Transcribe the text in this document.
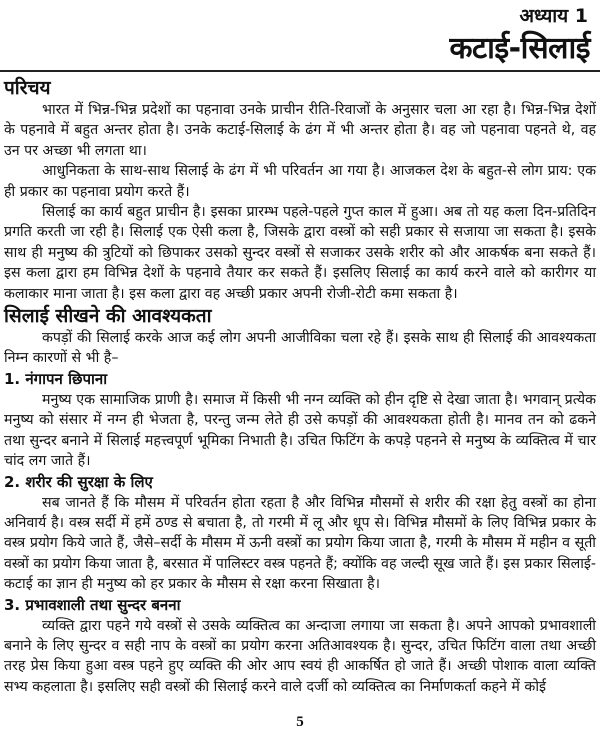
अध्याय 1
कटाई-सिलाई
परिचय

भारत में भिन्न-भिन्न प्रदेशों का पहनावा उनके प्राचीन रीति-रिवाजों के अनुसार चला आ रहा है। भिन्न-भिन्न देशों के पहनावे में बहुत अन्तर होता है। उनके कटाई-सिलाई के ढंग में भी अन्तर होता है। वह जो पहनावा पहनते थे, वह उन पर अच्छा भी लगता था।

आधुनिकता के साथ-साथ सिलाई के ढंग में भी परिवर्तन आ गया है। आजकल देश के बहुत-से लोग प्राय: एक ही प्रकार का पहनावा प्रयोग करते हैं।

सिलाई का कार्य बहुत प्राचीन है। इसका प्रारम्भ पहले-पहले गुप्त काल में हुआ। अब तो यह कला दिन-प्रतिदिन प्रगति करती जा रही है। सिलाई एक ऐसी कला है, जिसके द्वारा वस्त्रों को सही प्रकार से सजाया जा सकता है। इसके साथ ही मनुष्य की त्रुटियों को छिपाकर उसको सुन्दर वस्त्रों से सजाकर उसके शरीर को और आकर्षक बना सकते हैं। इस कला द्वारा हम विभिन्न देशों के पहनावे तैयार कर सकते हैं। इसलिए सिलाई का कार्य करने वाले को कारीगर या कलाकार माना जाता है। इस कला द्वारा वह अच्छी प्रकार अपनी रोजी-रोटी कमा सकता है।

सिलाई सीखने की आवश्यकता

कपड़ों की सिलाई करके आज कई लोग अपनी आजीविका चला रहे हैं। इसके साथ ही सिलाई की आवश्यकता निम्न कारणों से भी है–

1. नंगापन छिपाना

मनुष्य एक सामाजिक प्राणी है। समाज में किसी भी नग्न व्यक्ति को हीन दृष्टि से देखा जाता है। भगवान् प्रत्येक मनुष्य को संसार में नग्न ही भेजता है, परन्तु जन्म लेते ही उसे कपड़ों की आवश्यकता होती है। मानव तन को ढकने तथा सुन्दर बनाने में सिलाई महत्त्वपूर्ण भूमिका निभाती है। उचित फिटिंग के कपड़े पहनने से मनुष्य के व्यक्तित्व में चार चांद लग जाते हैं।

2. शरीर की सुरक्षा के लिए

सब जानते हैं कि मौसम में परिवर्तन होता रहता है और विभिन्न मौसमों से शरीर की रक्षा हेतु वस्त्रों का होना अनिवार्य है। वस्त्र सर्दी में हमें ठण्ड से बचाता है, तो गरमी में लू और धूप से। विभिन्न मौसमों के लिए विभिन्न प्रकार के वस्त्र प्रयोग किये जाते हैं, जैसे–सर्दी के मौसम में ऊनी वस्त्रों का प्रयोग किया जाता है, गरमी के मौसम में महीन व सूती वस्त्रों का प्रयोग किया जाता है, बरसात में पालिस्टर वस्त्र पहनते हैं; क्योंकि वह जल्दी सूख जाते हैं। इस प्रकार सिलाई-कटाई का ज्ञान ही मनुष्य को हर प्रकार के मौसम से रक्षा करना सिखाता है।

3. प्रभावशाली तथा सुन्दर बनना

व्यक्ति द्वारा पहने गये वस्त्रों से उसके व्यक्तित्व का अन्दाजा लगाया जा सकता है। अपने आपको प्रभावशाली बनाने के लिए सुन्दर व सही नाप के वस्त्रों का प्रयोग करना अतिआवश्यक है। सुन्दर, उचित फिटिंग वाला तथा अच्छी तरह प्रेस किया हुआ वस्त्र पहने हुए व्यक्ति की ओर आप स्वयं ही आकर्षित हो जाते हैं। अच्छी पोशाक वाला व्यक्ति सभ्य कहलाता है। इसलिए सही वस्त्रों की सिलाई करने वाले दर्जी को व्यक्तित्व का निर्माणकर्ता कहने में कोई

5
